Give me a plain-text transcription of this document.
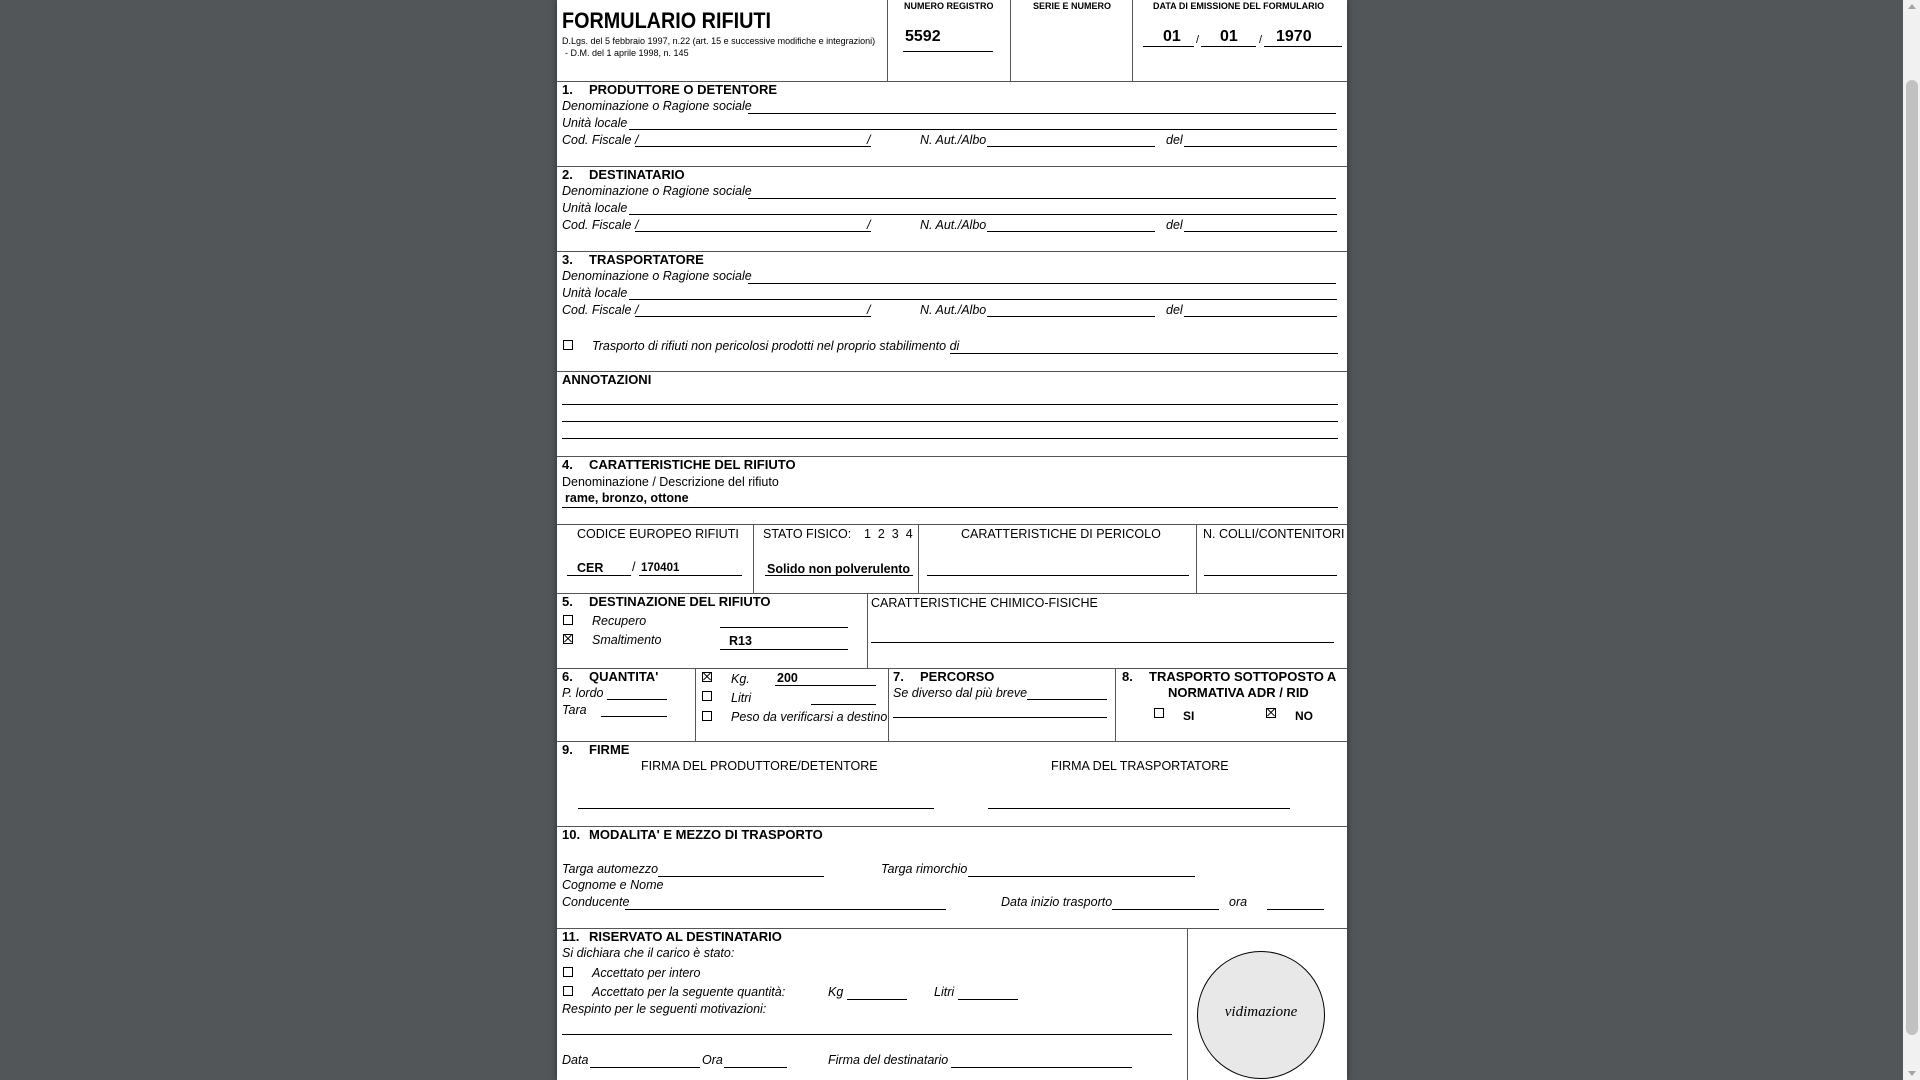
FORMULARIO RIFIUTI
D.Lgs. del 5 febbraio 1997, n.22 (art. 15 e successive modifiche e integrazioni)
- D.M. del 1 aprile 1998, n. 145
NUMERO REGISTRO
5592
SERIE E NUMERO	DATA DI EMISSIONE DEL FORMULARIO
01 / 01 / 1970
1. PRODUTTORE O DETENTORE
Denominazione o Ragione sociale
Unità locale
Cod. Fiscale /	/	N. Aut./Albo	del
2. DESTINATARIO
Denominazione o Ragione sociale
Unità locale
Cod. Fiscale /	/	N. Aut./Albo	del
3. TRASPORTATORE
Denominazione o Ragione sociale
Unità locale
Cod. Fiscale /	/	N. Aut./Albo	del
Trasporto di rifiuti non pericolosi prodotti nel proprio stabilimento di
ANNOTAZIONI
4. CARATTERISTICHE DEL RIFIUTO
Denominazione / Descrizione del rifiuto
rame, bronzo, ottone
CODICE EUROPEO RIFIUTI
CER / 170401
STATO FISICO: 1  2  3  4
Solido non polverulento
CARATTERISTICHE DI PERICOLO	N. COLLI/CONTENITORI
5. DESTINAZIONE DEL RIFIUTO
Recupero
Smaltimento	R13
CARATTERISTICHE CHIMICO-FISICHE
6. QUANTITA'
P. lordo
Tara
Kg. 200
Litri
Peso da verificarsi a destino
7. PERCORSO
Se diverso dal più breve
8. TRASPORTO SOTTOPOSTO A
NORMATIVA ADR / RID
SI	NO
9. FIRME
FIRMA DEL PRODUTTORE/DETENTORE	FIRMA DEL TRASPORTATORE
10. MODALITA' E MEZZO DI TRASPORTO
Targa automezzo	Targa rimorchio
Cognome e Nome
Conducente	Data inizio trasporto	ora
11. RISERVATO AL DESTINATARIO
Si dichiara che il carico è stato:
Accettato per intero
Accettato per la seguente quantità:	Kg	Litri
Respinto per le seguenti motivazioni:
Data	Ora	Firma del destinatario
vidimazione
